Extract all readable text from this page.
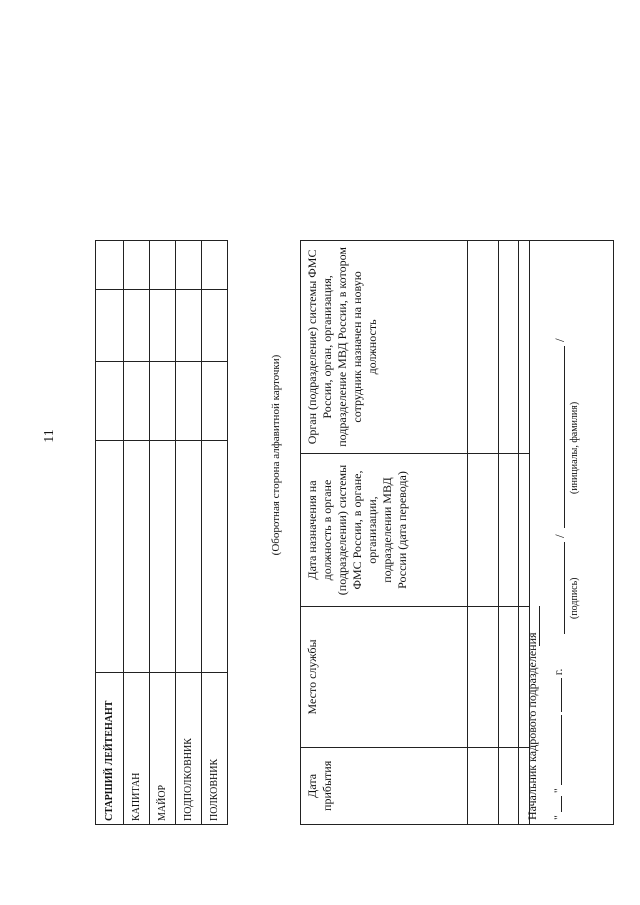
11
СТАРШИЙ ЛЕЙТЕНАНТ				
КАПИТАН				
МАЙОР				
ПОДПОЛКОВНИК				
ПОЛКОВНИК				
(Оборотная сторона алфавитной карточки)
Дата прибытия	Место службы	Дата назначения на должность в органе (подразделении) системы ФМС России, в органе, организации, подразделении МВД России (дата перевода)	Орган (подразделение) системы ФМС России, орган, организация, подразделение МВД России, в котором сотрудник назначен на новую должность

Начальник кадрового подразделения "  "   г.
/
/
(подпись)
(инициалы, фамилия)
